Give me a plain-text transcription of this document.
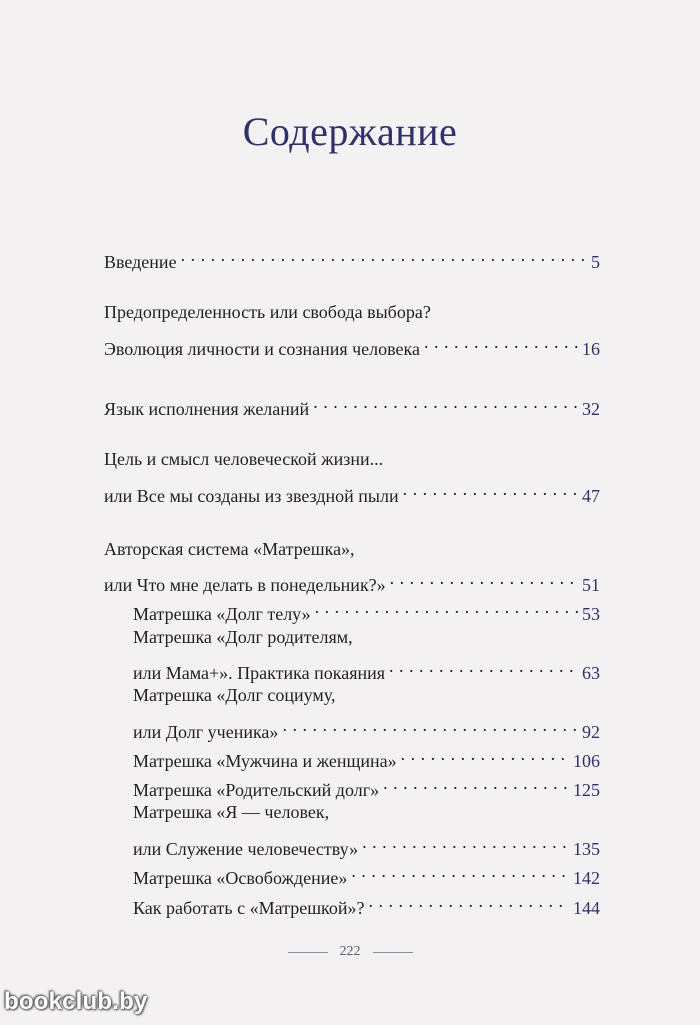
Содержание
Введение . . .	5
Предопределенность или свобода выбора?
Эволюция личности и сознания человека . . .	16
Язык исполнения желаний . . .	32
Цель и смысл человеческой жизни...
или Все мы созданы из звездной пыли . . .	47
Авторская система «Матрешка»,
или Что мне делать в понедельник?» . . .	51
Матрешка «Долг телу» . . .	53
Матрешка «Долг родителям,
или Мама+». Практика покаяния . . .	63
Матрешка «Долг социуму,
или Долг ученика» . . .	92
Матрешка «Мужчина и женщина» . . .	106
Матрешка «Родительский долг» . . .	125
Матрешка «Я — человек,
или Служение человечеству» . . .	135
Матрешка «Освобождение» . . .	142
Как работать с «Матрешкой»? . . .	144
222
bookclub.by
